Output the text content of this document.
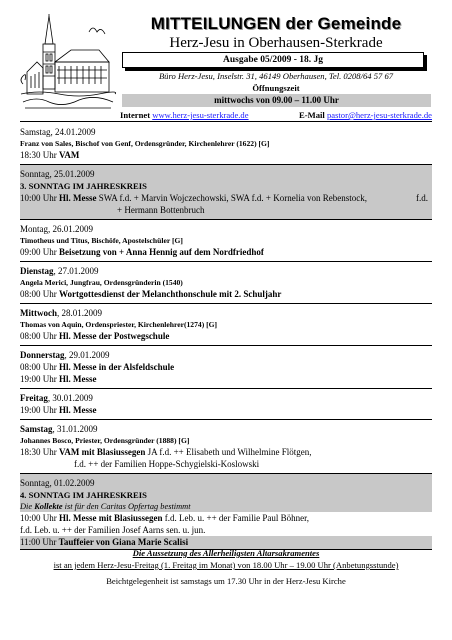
MITTEILUNGEN der Gemeinde
Herz-Jesu in Oberhausen-Sterkrade
Ausgabe 05/2009 - 18. Jg
Büro Herz-Jesu, Inselstr. 31, 46149 Oberhausen, Tel. 0208/64 57 67
Öffnungszeit
mittwochs von 09.00 – 11.00 Uhr
Internet www.herz-jesu-sterkrade.de	E-Mail pastor@herz-jesu-sterkrade.de
Samstag, 24.01.2009
Franz von Sales, Bischof von Genf, Ordensgründer, Kirchenlehrer (1622) [G]
18:30 Uhr VAM
Sonntag, 25.01.2009
3. SONNTAG IM JAHRESKREIS
10:00 Uhr Hl. Messe SWA f.d. + Marvin Wojczechowski, SWA f.d. + Kornelia von Rebenstock,	f.d.
+ Hermann Bottenbruch
Montag, 26.01.2009
Timotheus und Titus, Bischöfe, Apostelschüler [G]
09:00 Uhr Beisetzung von + Anna Hennig auf dem Nordfriedhof
Dienstag, 27.01.2009
Angela Merici, Jungfrau, Ordensgründerin (1540)
08:00 Uhr Wortgottesdienst der Melanchthonschule mit 2. Schuljahr
Mittwoch, 28.01.2009
Thomas von Aquin, Ordenspriester, Kirchenlehrer(1274) [G]
08:00 Uhr Hl. Messe der Postwegschule
Donnerstag, 29.01.2009
08:00 Uhr Hl. Messe in der Alsfeldschule
19:00 Uhr Hl. Messe
Freitag, 30.01.2009
19:00 Uhr Hl. Messe
Samstag, 31.01.2009
Johannes Bosco, Priester, Ordensgründer (1888) [G]
18:30 Uhr VAM mit Blasiussegen JA f.d. ++ Elisabeth und Wilhelmine Flötgen,
f.d. ++ der Familien Hoppe-Schygielski-Koslowski
Sonntag, 01.02.2009
4. SONNTAG IM JAHRESKREIS
Die Kollekte ist für den Caritas Opfertag bestimmt
10:00 Uhr Hl. Messe mit Blasiussegen f.d. Leb. u. ++ der Familie Paul Böhner,
f.d. Leb. u. ++ der Familien Josef Aarns sen. u. jun.
11:00 Uhr Tauffeier von Giana Marie Scalisi
Die Aussetzung des Allerheiligsten Altarsakramentes
ist an jedem Herz-Jesu-Freitag (1. Freitag im Monat) von 18.00 Uhr – 19.00 Uhr (Anbetungsstunde)
Beichtgelegenheit ist samstags um 17.30 Uhr in der Herz-Jesu Kirche
